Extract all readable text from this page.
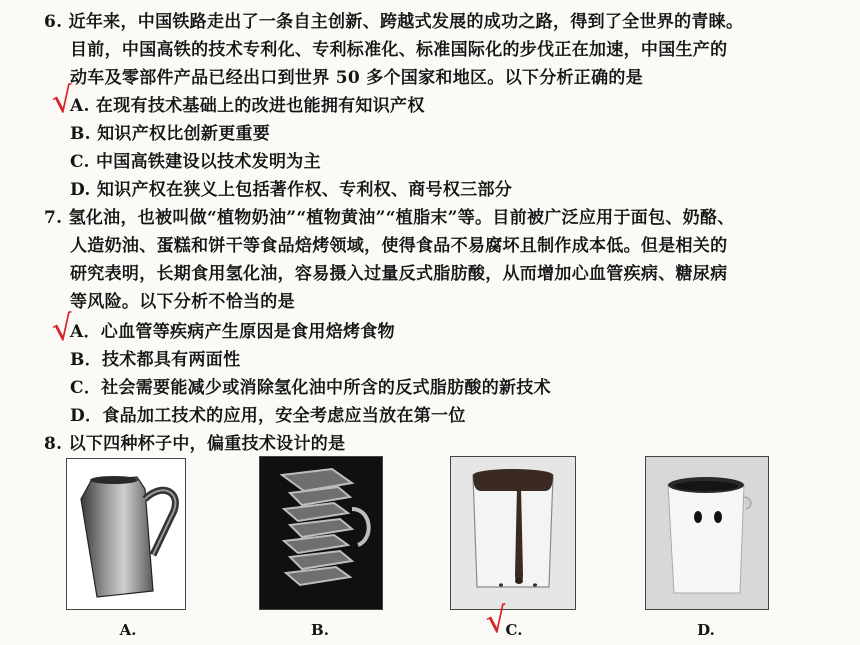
6. 近年来，中国铁路走出了一条自主创新、跨越式发展的成功之路，得到了全世界的青睐。
目前，中国高铁的技术专利化、专利标准化、标准国际化的步伐正在加速，中国生产的
动车及零部件产品已经出口到世界 50 多个国家和地区。以下分析正确的是
A. 在现有技术基础上的改进也能拥有知识产权
B. 知识产权比创新更重要
C. 中国高铁建设以技术发明为主
D. 知识产权在狭义上包括著作权、专利权、商号权三部分
√
7. 氢化油，也被叫做“植物奶油”“植物黄油”“植脂末”等。目前被广泛应用于面包、奶酪、
人造奶油、蛋糕和饼干等食品焙烤领域，使得食品不易腐坏且制作成本低。但是相关的
研究表明，长期食用氢化油，容易摄入过量反式脂肪酸，从而增加心血管疾病、糖尿病
等风险。以下分析不恰当的是
A．心血管等疾病产生原因是食用焙烤食物
B．技术都具有两面性
C．社会需要能减少或消除氢化油中所含的反式脂肪酸的新技术
D．食品加工技术的应用，安全考虑应当放在第一位
√
8. 以下四种杯子中，偏重技术设计的是
A.	B.	C.	D.
√
